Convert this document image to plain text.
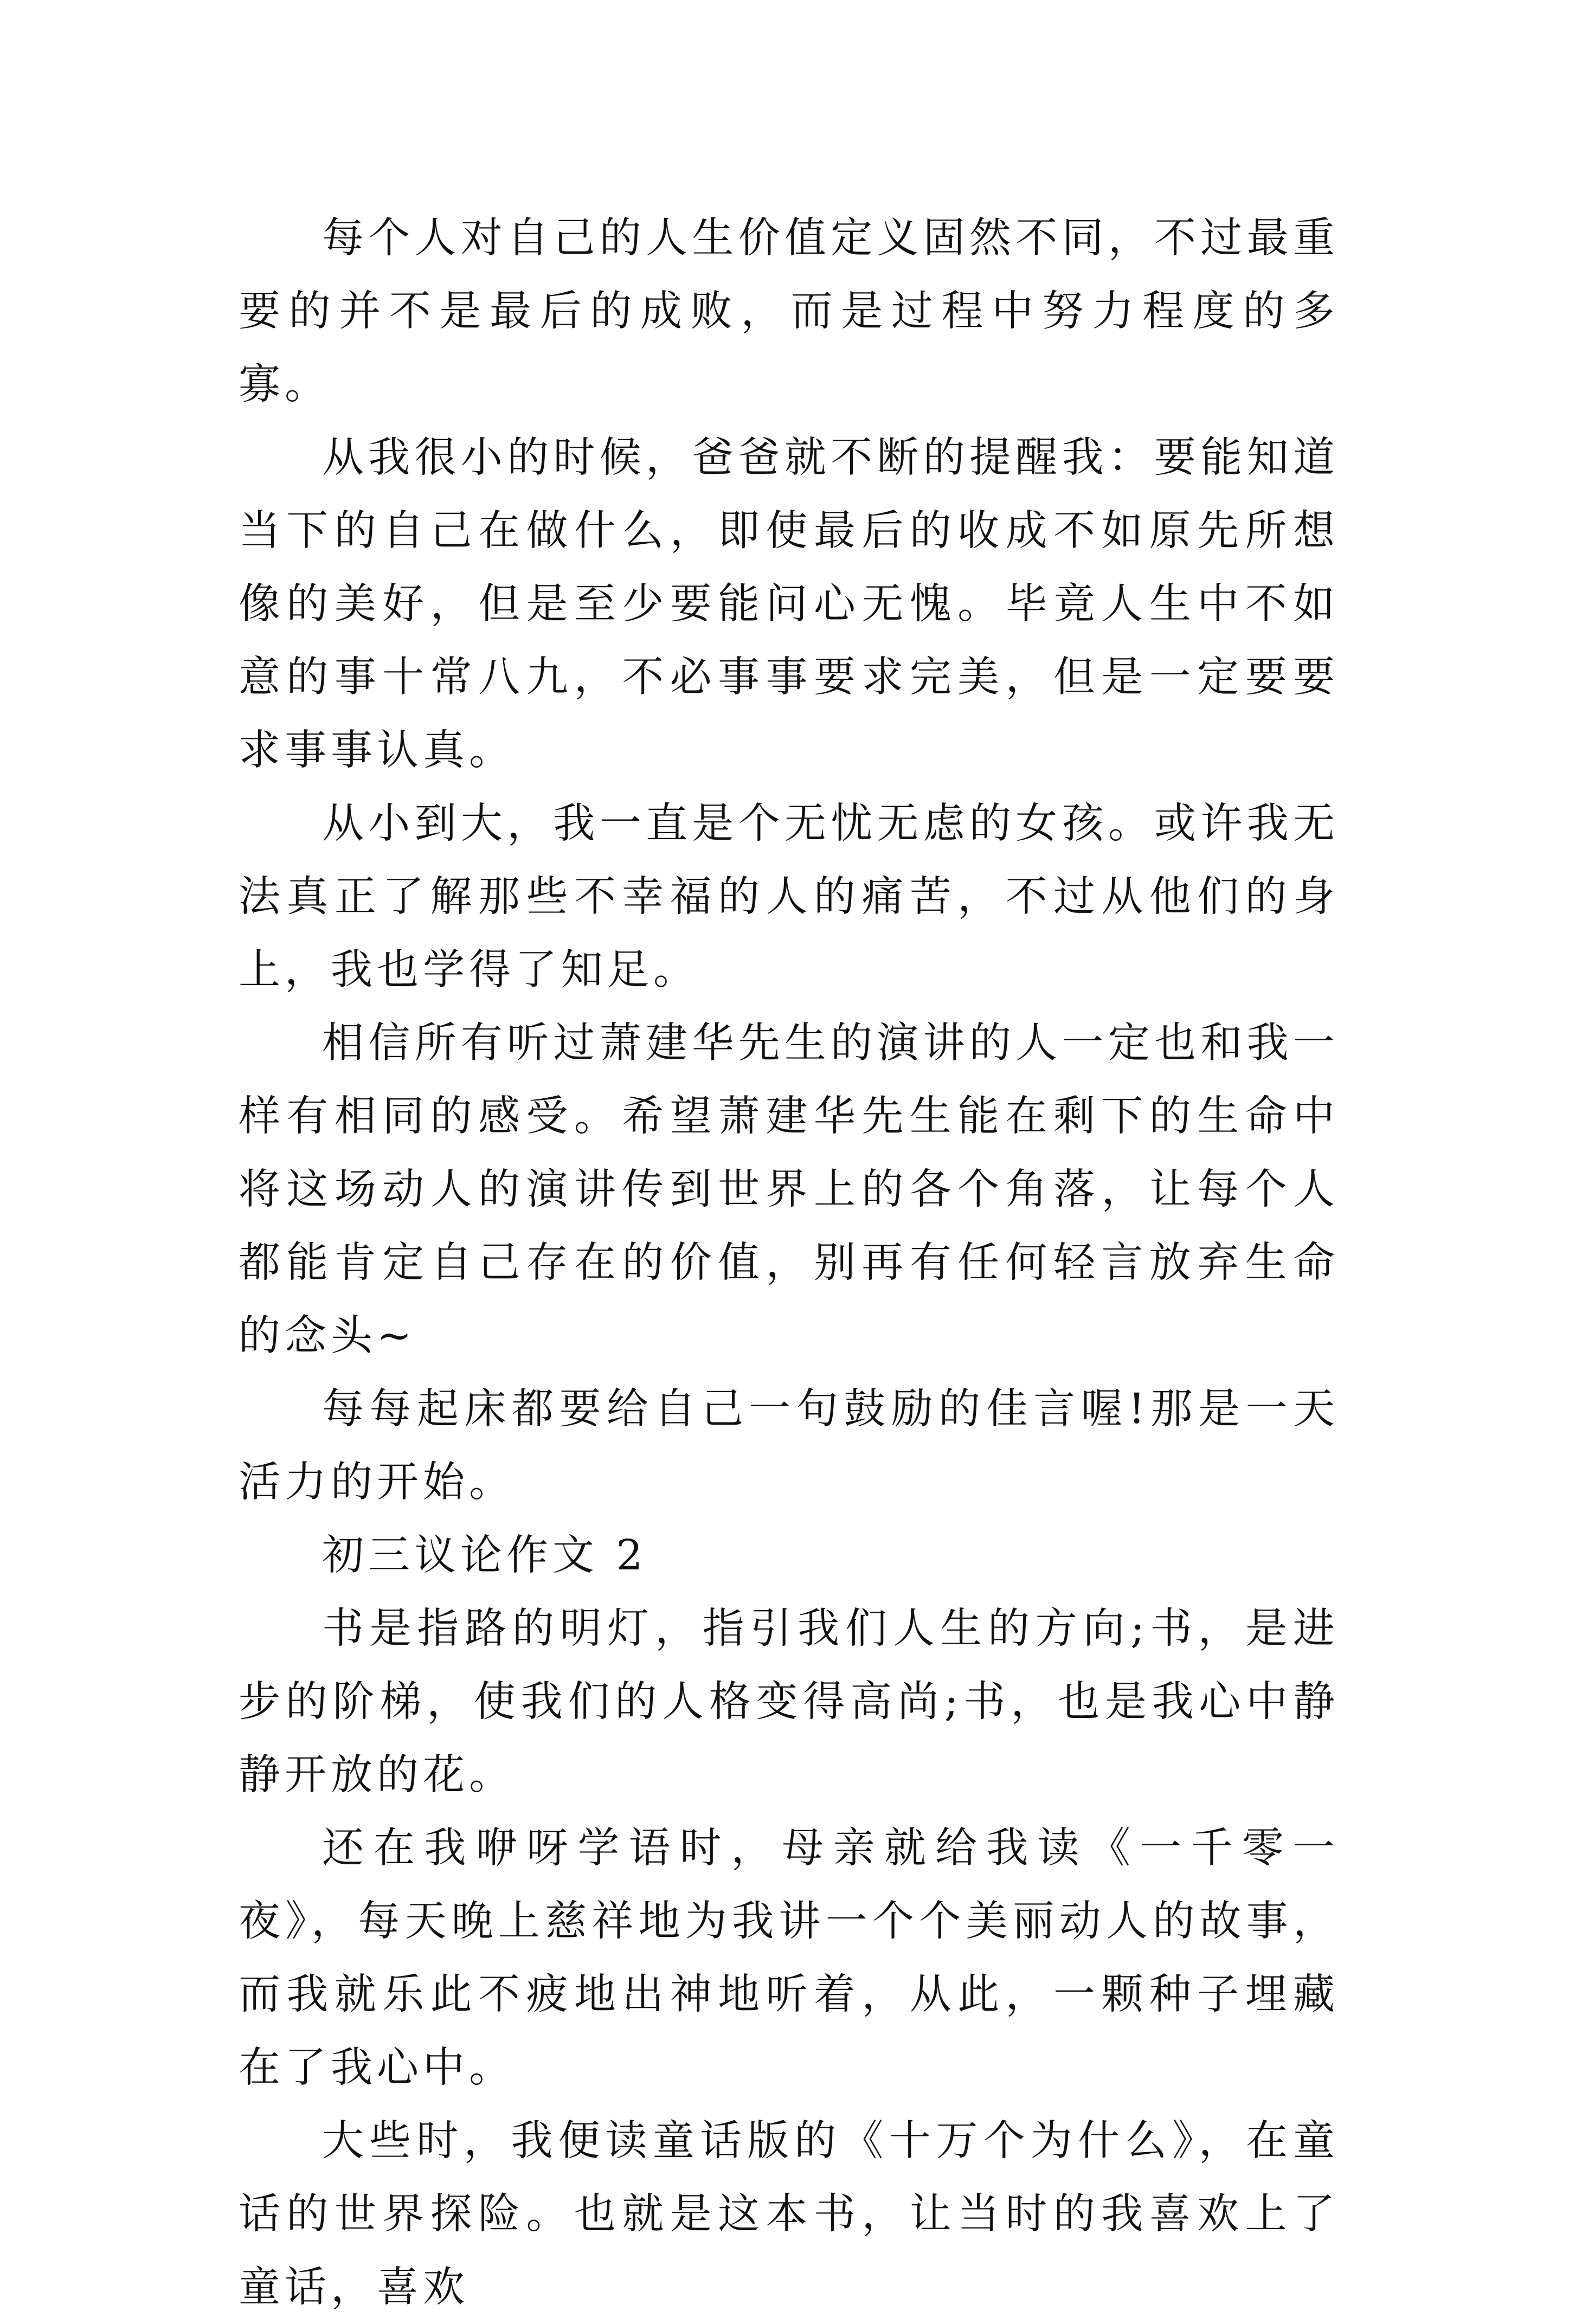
每个人对自己的人生价值定义固然不同，不过最重要的并不是最后的成败，而是过程中努力程度的多寡。

从我很小的时候，爸爸就不断的提醒我：要能知道当下的自己在做什么，即使最后的收成不如原先所想像的美好，但是至少要能问心无愧。毕竟人生中不如意的事十常八九，不必事事要求完美，但是一定要要求事事认真。

从小到大，我一直是个无忧无虑的女孩。或许我无法真正了解那些不幸福的人的痛苦，不过从他们的身上，我也学得了知足。

相信所有听过萧建华先生的演讲的人一定也和我一样有相同的感受。希望萧建华先生能在剩下的生命中将这场动人的演讲传到世界上的各个角落，让每个人都能肯定自己存在的价值，别再有任何轻言放弃生命的念头~

每每起床都要给自己一句鼓励的佳言喔!那是一天活力的开始。

初三议论作文 2

书是指路的明灯，指引我们人生的方向;书，是进步的阶梯，使我们的人格变得高尚;书，也是我心中静静开放的花。

还在我咿呀学语时，母亲就给我读《一千零一夜》，每天晚上慈祥地为我讲一个个美丽动人的故事，而我就乐此不疲地出神地听着，从此，一颗种子埋藏在了我心中。

大些时，我便读童话版的《十万个为什么》，在童话的世界探险。也就是这本书，让当时的我喜欢上了童话，喜欢
